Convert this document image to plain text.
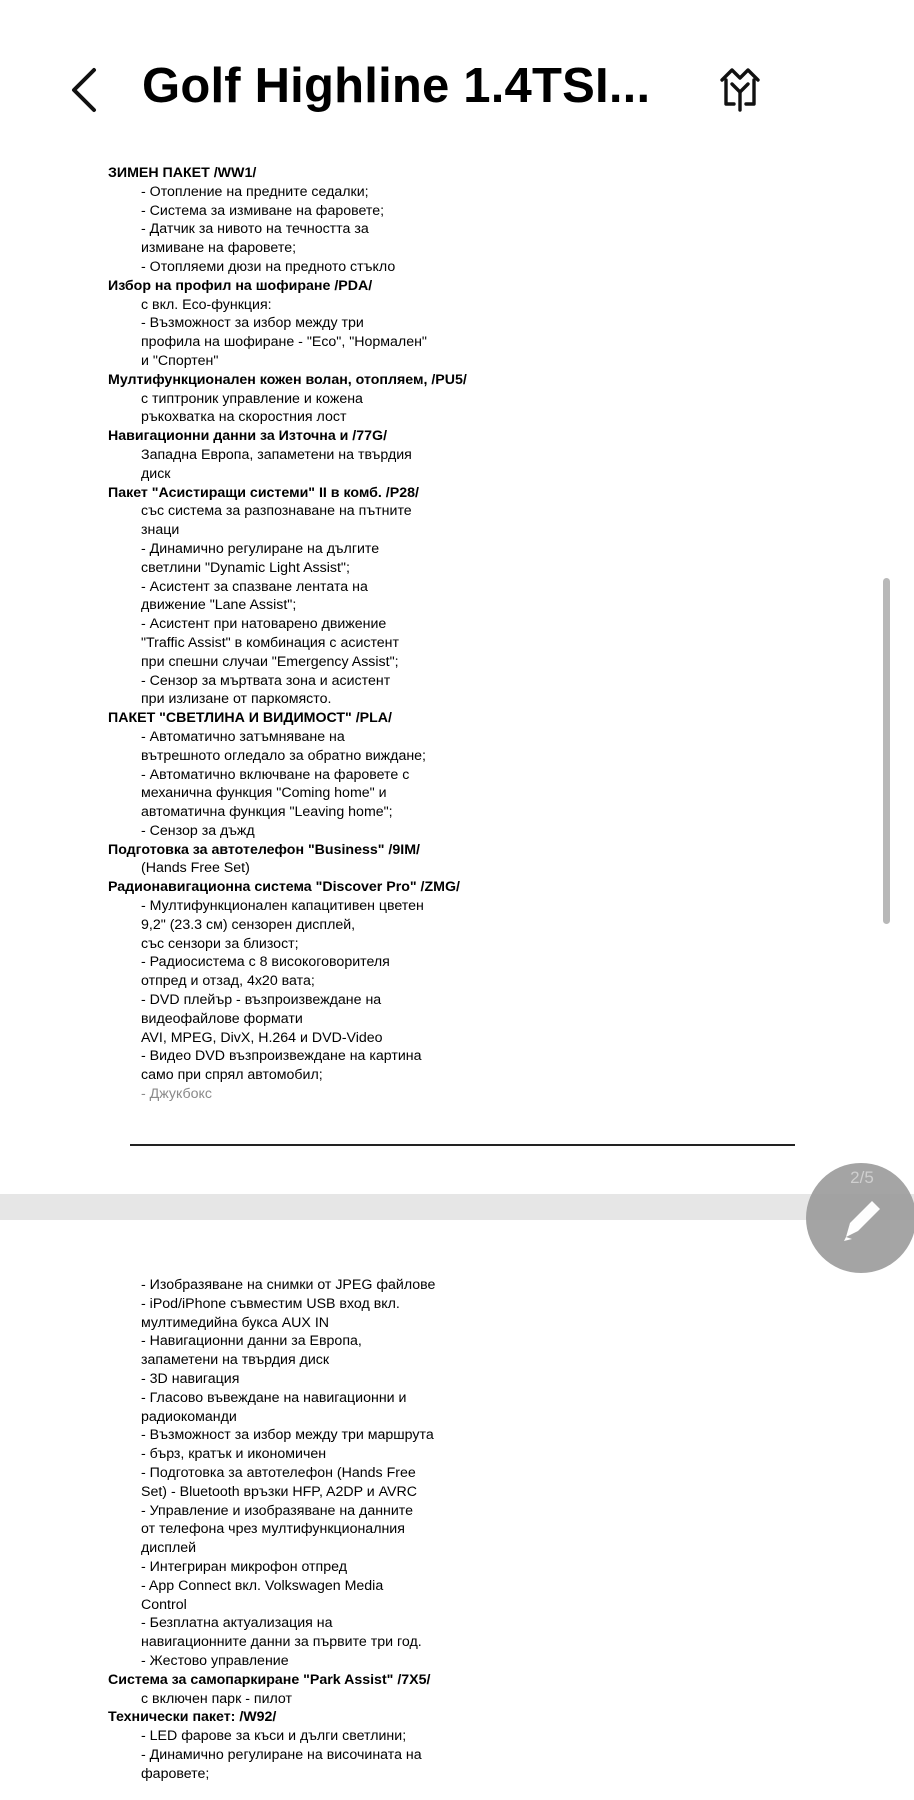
ЗИМЕН ПАКЕТ /WW1/
- Отопление на предните седалки;
- Система за измиване на фаровете;
- Датчик за нивото на течността за
измиване на фаровете;
- Отопляеми дюзи на предното стъкло
Избор на профил на шофиране /PDA/
с вкл. Eco-функция:
- Възможност за избор между три
профила на шофиране - "Eco", "Нормален"
и "Спортен"
Мултифункционален кожен волан, отопляем, /PU5/
с типтроник управление и кожена
ръкохватка на скоростния лост
Навигационни данни за Източна и /77G/
Западна Европа, запаметени на твърдия
диск
Пакет "Асистиращи системи" II в комб. /P28/
със система за разпознаване на пътните
знаци
- Динамично регулиране на дългите
светлини "Dynamic Light Assist";
- Асистент за спазване лентата на
движение "Lane Assist";
- Асистент при натоварено движение
"Traffic Assist" в комбинация с асистент
при спешни случаи "Emergency Assist";
- Сензор за мъртвата зона и асистент
при излизане от паркомясто.
ПАКЕТ "СВЕТЛИНА И ВИДИМОСТ" /PLA/
- Автоматично затъмняване на
вътрешното огледало за обратно виждане;
- Автоматично включване на фаровете с
механична функция "Coming home" и
автоматична функция "Leaving home";
- Сензор за дъжд
Подготовка за автотелефон "Business" /9IM/
(Hands Free Set)
Радионавигационна система "Discover Pro" /ZMG/
- Мултифункционален капацитивен цветен
9,2" (23.3 см) сензорен дисплей,
със сензори за близост;
- Радиосистема с 8 високоговорителя
отпред и отзад, 4x20 вата;
- DVD плейър - възпроизвеждане на
видеофайлове формати
AVI, MPEG, DivX, H.264 и DVD-Video
- Видео DVD възпроизвеждане на картина
само при спрял автомобил;
- Джукбокс
- Изобразяване на снимки от JPEG файлове
- iPod/iPhone съвместим USB вход вкл.
мултимедийна букса AUX IN
- Навигационни данни за Европа,
запаметени на твърдия диск
- 3D навигация
- Гласово въвеждане на навигационни и
радиокоманди
- Възможност за избор между три маршрута
- бърз, кратък и икономичен
- Подготовка за автотелефон (Hands Free
Set) - Bluetooth връзки HFP, A2DP и AVRC
- Управление и изобразяване на данните
от телефона чрез мултифункционалния
дисплей
- Интегриран микрофон отпред
- App Connect вкл. Volkswagen Media
Control
- Безплатна актуализация на
навигационните данни за първите три год.
- Жестово управление
Система за самопаркиране "Park Assist" /7X5/
с включен парк - пилот
Технически пакет: /W92/
- LED фарове за къси и дълги светлини;
- Динамично регулиране на височината на
фаровете;
Golf Highline 1.4TSI...
2/5
